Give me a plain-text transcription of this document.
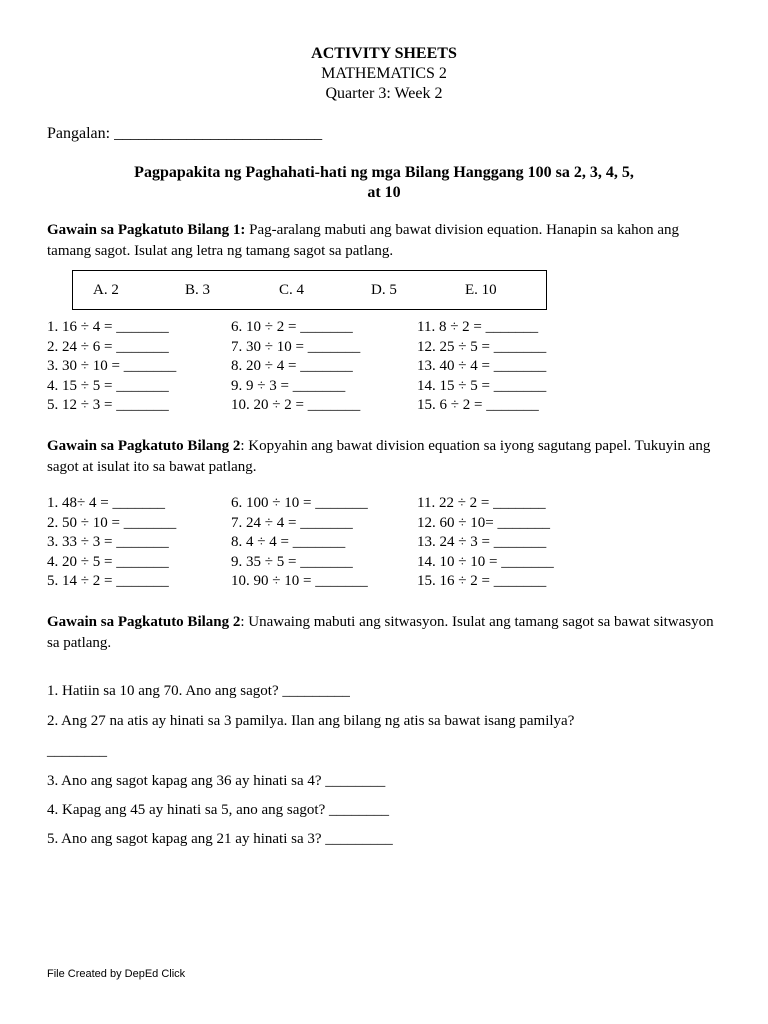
ACTIVITY SHEETS
MATHEMATICS 2
Quarter 3: Week 2
Pangalan: __________________________
Pagpapakita ng Paghahati-hati ng mga Bilang Hanggang 100 sa 2, 3, 4, 5,
at 10
Gawain sa Pagkatuto Bilang 1: Pag-aralang mabuti ang bawat division equation. Hanapin sa kahon ang tamang sagot. Isulat ang letra ng tamang sagot sa patlang.
A. 2	B. 3	C. 4	D. 5	E. 10
1. 16 ÷ 4 = _______
2. 24 ÷ 6 = _______
3. 30 ÷ 10 = _______
4. 15 ÷ 5 = _______
5. 12 ÷ 3 = _______
6. 10 ÷ 2 = _______
7. 30 ÷ 10 = _______
8. 20 ÷ 4 = _______
9. 9 ÷ 3 = _______
10. 20 ÷ 2 = _______
11. 8 ÷ 2 = _______
12. 25 ÷ 5 = _______
13. 40 ÷ 4 = _______
14. 15 ÷ 5 = _______
15. 6 ÷ 2 = _______
Gawain sa Pagkatuto Bilang 2: Kopyahin ang bawat division equation sa iyong sagutang papel. Tukuyin ang sagot at isulat ito sa bawat patlang.
1. 48÷ 4 = _______
2. 50 ÷ 10 = _______
3. 33 ÷ 3 = _______
4. 20 ÷ 5 = _______
5. 14 ÷ 2 = _______
6. 100 ÷ 10 = _______
7. 24 ÷ 4 = _______
8. 4 ÷ 4 = _______
9. 35 ÷ 5 = _______
10. 90 ÷ 10 = _______
11. 22 ÷ 2 = _______
12. 60 ÷ 10= _______
13. 24 ÷ 3 = _______
14. 10 ÷ 10 = _______
15. 16 ÷ 2 = _______
Gawain sa Pagkatuto Bilang 2: Unawaing mabuti ang sitwasyon. Isulat ang tamang sagot sa bawat sitwasyon sa patlang.
1. Hatiin sa 10 ang 70. Ano ang sagot? _________
2. Ang 27 na atis ay hinati sa 3 pamilya. Ilan ang bilang ng atis sa bawat isang pamilya?
________
3. Ano ang sagot kapag ang 36 ay hinati sa 4? ________
4. Kapag ang 45 ay hinati sa 5, ano ang sagot? ________
5. Ano ang sagot kapag ang 21 ay hinati sa 3? _________
File Created by DepEd Click
